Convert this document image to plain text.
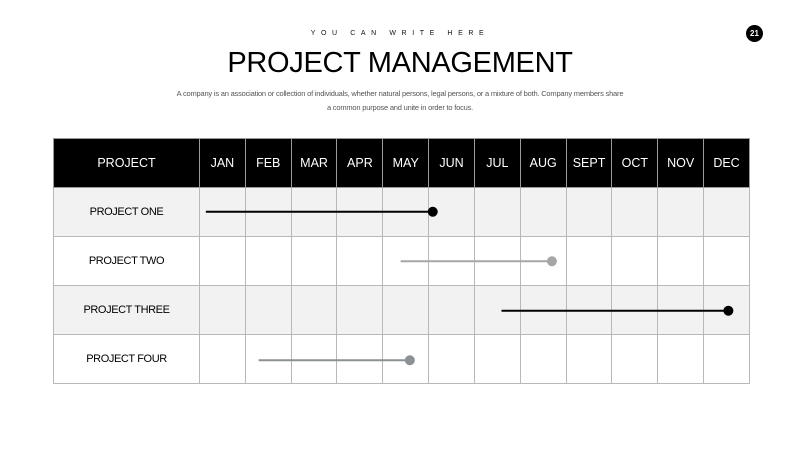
YOU CAN WRITE HERE	21
PROJECT MANAGEMENT
A company is an association or collection of individuals, whether natural persons, legal persons, or a mixture of both. Company members share
a common purpose and unite in order to focus.
PROJECT	JAN	FEB	MAR	APR	MAY	JUN	JUL	AUG	SEPT	OCT	NOV	DEC
PROJECT ONE												
PROJECT TWO												
PROJECT THREE												
PROJECT FOUR												
